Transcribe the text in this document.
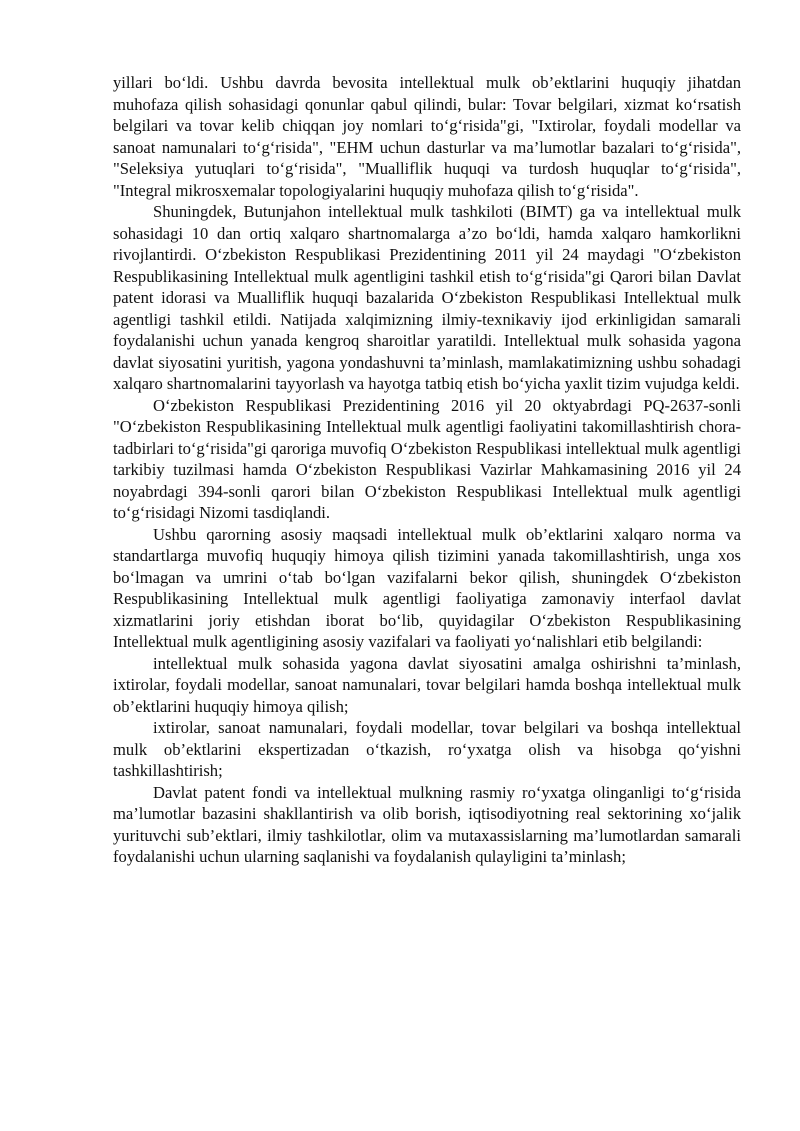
yillari bo‘ldi. Ushbu davrda bevosita intellektual mulk ob’ektlarini huquqiy jihatdan muhofaza qilish sohasidagi qonunlar qabul qilindi, bular: Tovar belgilari, xizmat ko‘rsatish belgilari va tovar kelib chiqqan joy nomlari to‘g‘risida"gi, "Ixtirolar, foydali modellar va sanoat namunalari to‘g‘risida", "EHM uchun dasturlar va ma’lumotlar bazalari to‘g‘risida", "Seleksiya yutuqlari to‘g‘risida", "Mualliflik huquqi va turdosh huquqlar to‘g‘risida", "Integral mikrosxemalar topologiyalarini huquqiy muhofaza qilish to‘g‘risida".

Shuningdek, Butunjahon intellektual mulk tashkiloti (BIMT) ga va intellektual mulk sohasidagi 10 dan ortiq xalqaro shartnomalarga a’zo bo‘ldi, hamda xalqaro hamkorlikni rivojlantirdi. O‘zbekiston Respublikasi Prezidentining 2011 yil 24 maydagi "O‘zbekiston Respublikasining Intellektual mulk agentligini tashkil etish to‘g‘risida"gi Qarori bilan Davlat patent idorasi va Mualliflik huquqi bazalarida O‘zbekiston Respublikasi Intellektual mulk agentligi tashkil etildi. Natijada xalqimizning ilmiy-texnikaviy ijod erkinligidan samarali foydalanishi uchun yanada kengroq sharoitlar yaratildi. Intellektual mulk sohasida yagona davlat siyosatini yuritish, yagona yondashuvni ta’minlash, mamlakatimizning ushbu sohadagi xalqaro shartnomalarini tayyorlash va hayotga tatbiq etish bo‘yicha yaxlit tizim vujudga keldi.

O‘zbekiston Respublikasi Prezidentining 2016 yil 20 oktyabrdagi PQ-2637-sonli "O‘zbekiston Respublikasining Intellektual mulk agentligi faoliyatini takomillashtirish chora-tadbirlari to‘g‘risida"gi qaroriga muvofiq O‘zbekiston Respublikasi intellektual mulk agentligi tarkibiy tuzilmasi hamda O‘zbekiston Respublikasi Vazirlar Mahkamasining 2016 yil 24 noyabrdagi 394-sonli qarori bilan O‘zbekiston Respublikasi Intellektual mulk agentligi to‘g‘risidagi Nizomi tasdiqlandi.

Ushbu qarorning asosiy maqsadi intellektual mulk ob’ektlarini xalqaro norma va standartlarga muvofiq huquqiy himoya qilish tizimini yanada takomillashtirish, unga xos bo‘lmagan va umrini o‘tab bo‘lgan vazifalarni bekor qilish, shuningdek O‘zbekiston Respublikasining Intellektual mulk agentligi faoliyatiga zamonaviy interfaol davlat xizmatlarini joriy etishdan iborat bo‘lib, quyidagilar O‘zbekiston Respublikasining Intellektual mulk agentligining asosiy vazifalari va faoliyati yo‘nalishlari etib belgilandi:

intellektual mulk sohasida yagona davlat siyosatini amalga oshirishni ta’minlash, ixtirolar, foydali modellar, sanoat namunalari, tovar belgilari hamda boshqa intellektual mulk ob’ektlarini huquqiy himoya qilish;

ixtirolar, sanoat namunalari, foydali modellar, tovar belgilari va boshqa intellektual mulk ob’ektlarini ekspertizadan o‘tkazish, ro‘yxatga olish va hisobga qo‘yishni tashkillashtirish;

Davlat patent fondi va intellektual mulkning rasmiy ro‘yxatga olinganligi to‘g‘risida ma’lumotlar bazasini shakllantirish va olib borish, iqtisodiyotning real sektorining xo‘jalik yurituvchi sub’ektlari, ilmiy tashkilotlar, olim va mutaxassislarning ma’lumotlardan samarali foydalanishi uchun ularning saqlanishi va foydalanish qulayligini ta’minlash;
